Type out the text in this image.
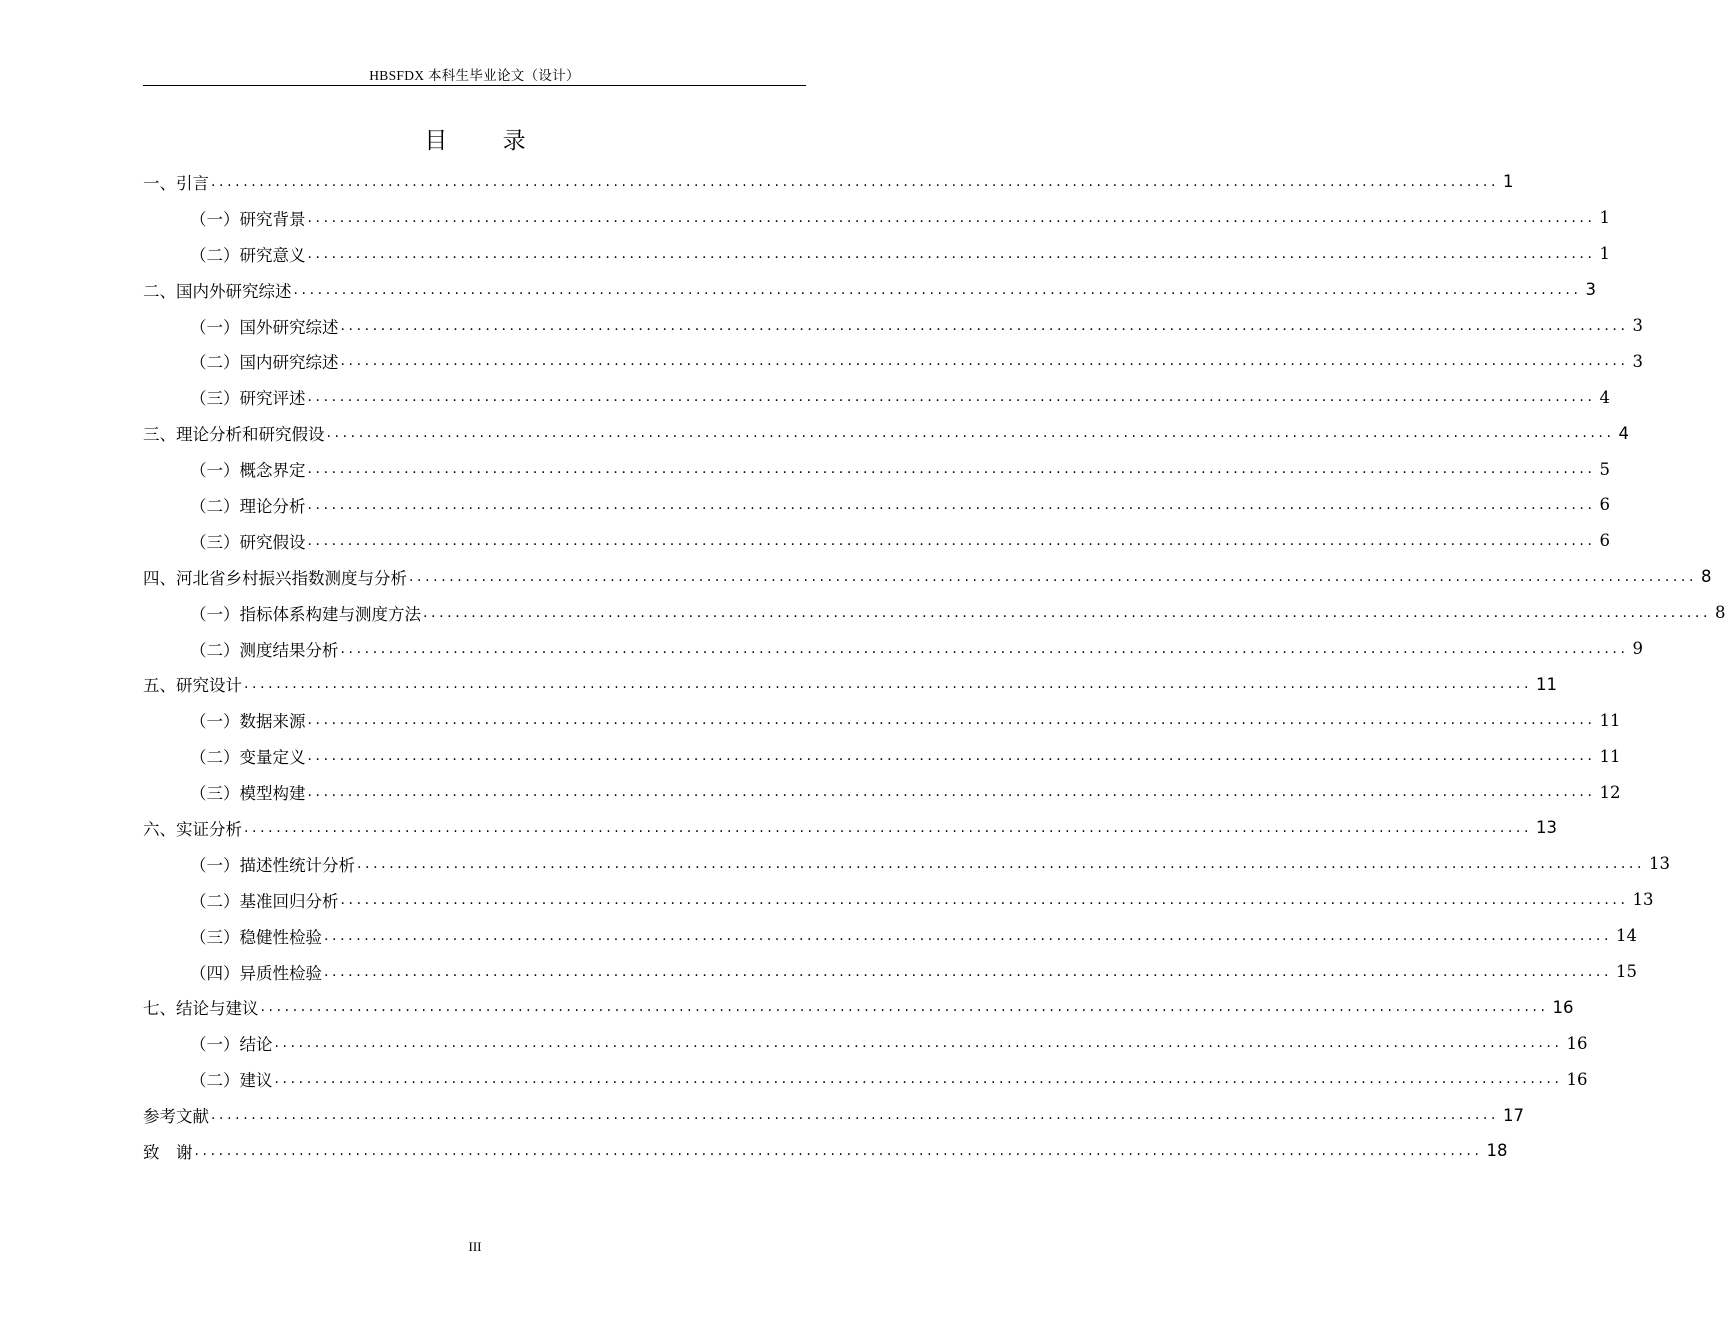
HBSFDX 本科生毕业论文（设计）
目 录
一、 引言 ................................................................................................................................................................ 1
（一） 研究背景 ................................................................................................................................................................ 1
（二） 研究意义 ................................................................................................................................................................ 1
二、 国内外研究综述 ................................................................................................................................................................ 3
（一） 国外研究综述 ................................................................................................................................................................ 3
（二） 国内研究综述 ................................................................................................................................................................ 3
（三） 研究评述 ................................................................................................................................................................ 4
三、 理论分析和研究假设 ................................................................................................................................................................ 4
（一） 概念界定 ................................................................................................................................................................ 5
（二） 理论分析 ................................................................................................................................................................ 6
（三） 研究假设 ................................................................................................................................................................ 6
四、 河北省乡村振兴指数测度与分析 ................................................................................................................................................................ 8
（一） 指标体系构建与测度方法 ................................................................................................................................................................ 8
（二） 测度结果分析 ................................................................................................................................................................ 9
五、 研究设计 ................................................................................................................................................................ 11
（一） 数据来源 ................................................................................................................................................................ 11
（二） 变量定义 ................................................................................................................................................................ 11
（三） 模型构建 ................................................................................................................................................................ 12
六、 实证分析 ................................................................................................................................................................ 13
（一） 描述性统计分析 ................................................................................................................................................................ 13
（二） 基准回归分析 ................................................................................................................................................................ 13
（三） 稳健性检验 ................................................................................................................................................................ 14
（四） 异质性检验 ................................................................................................................................................................ 15
七、 结论与建议 ................................................................................................................................................................ 16
（一） 结论 ................................................................................................................................................................ 16
（二） 建议 ................................................................................................................................................................ 16
参考文献 ................................................................................................................................................................ 17
致　谢 ................................................................................................................................................................ 18
III
